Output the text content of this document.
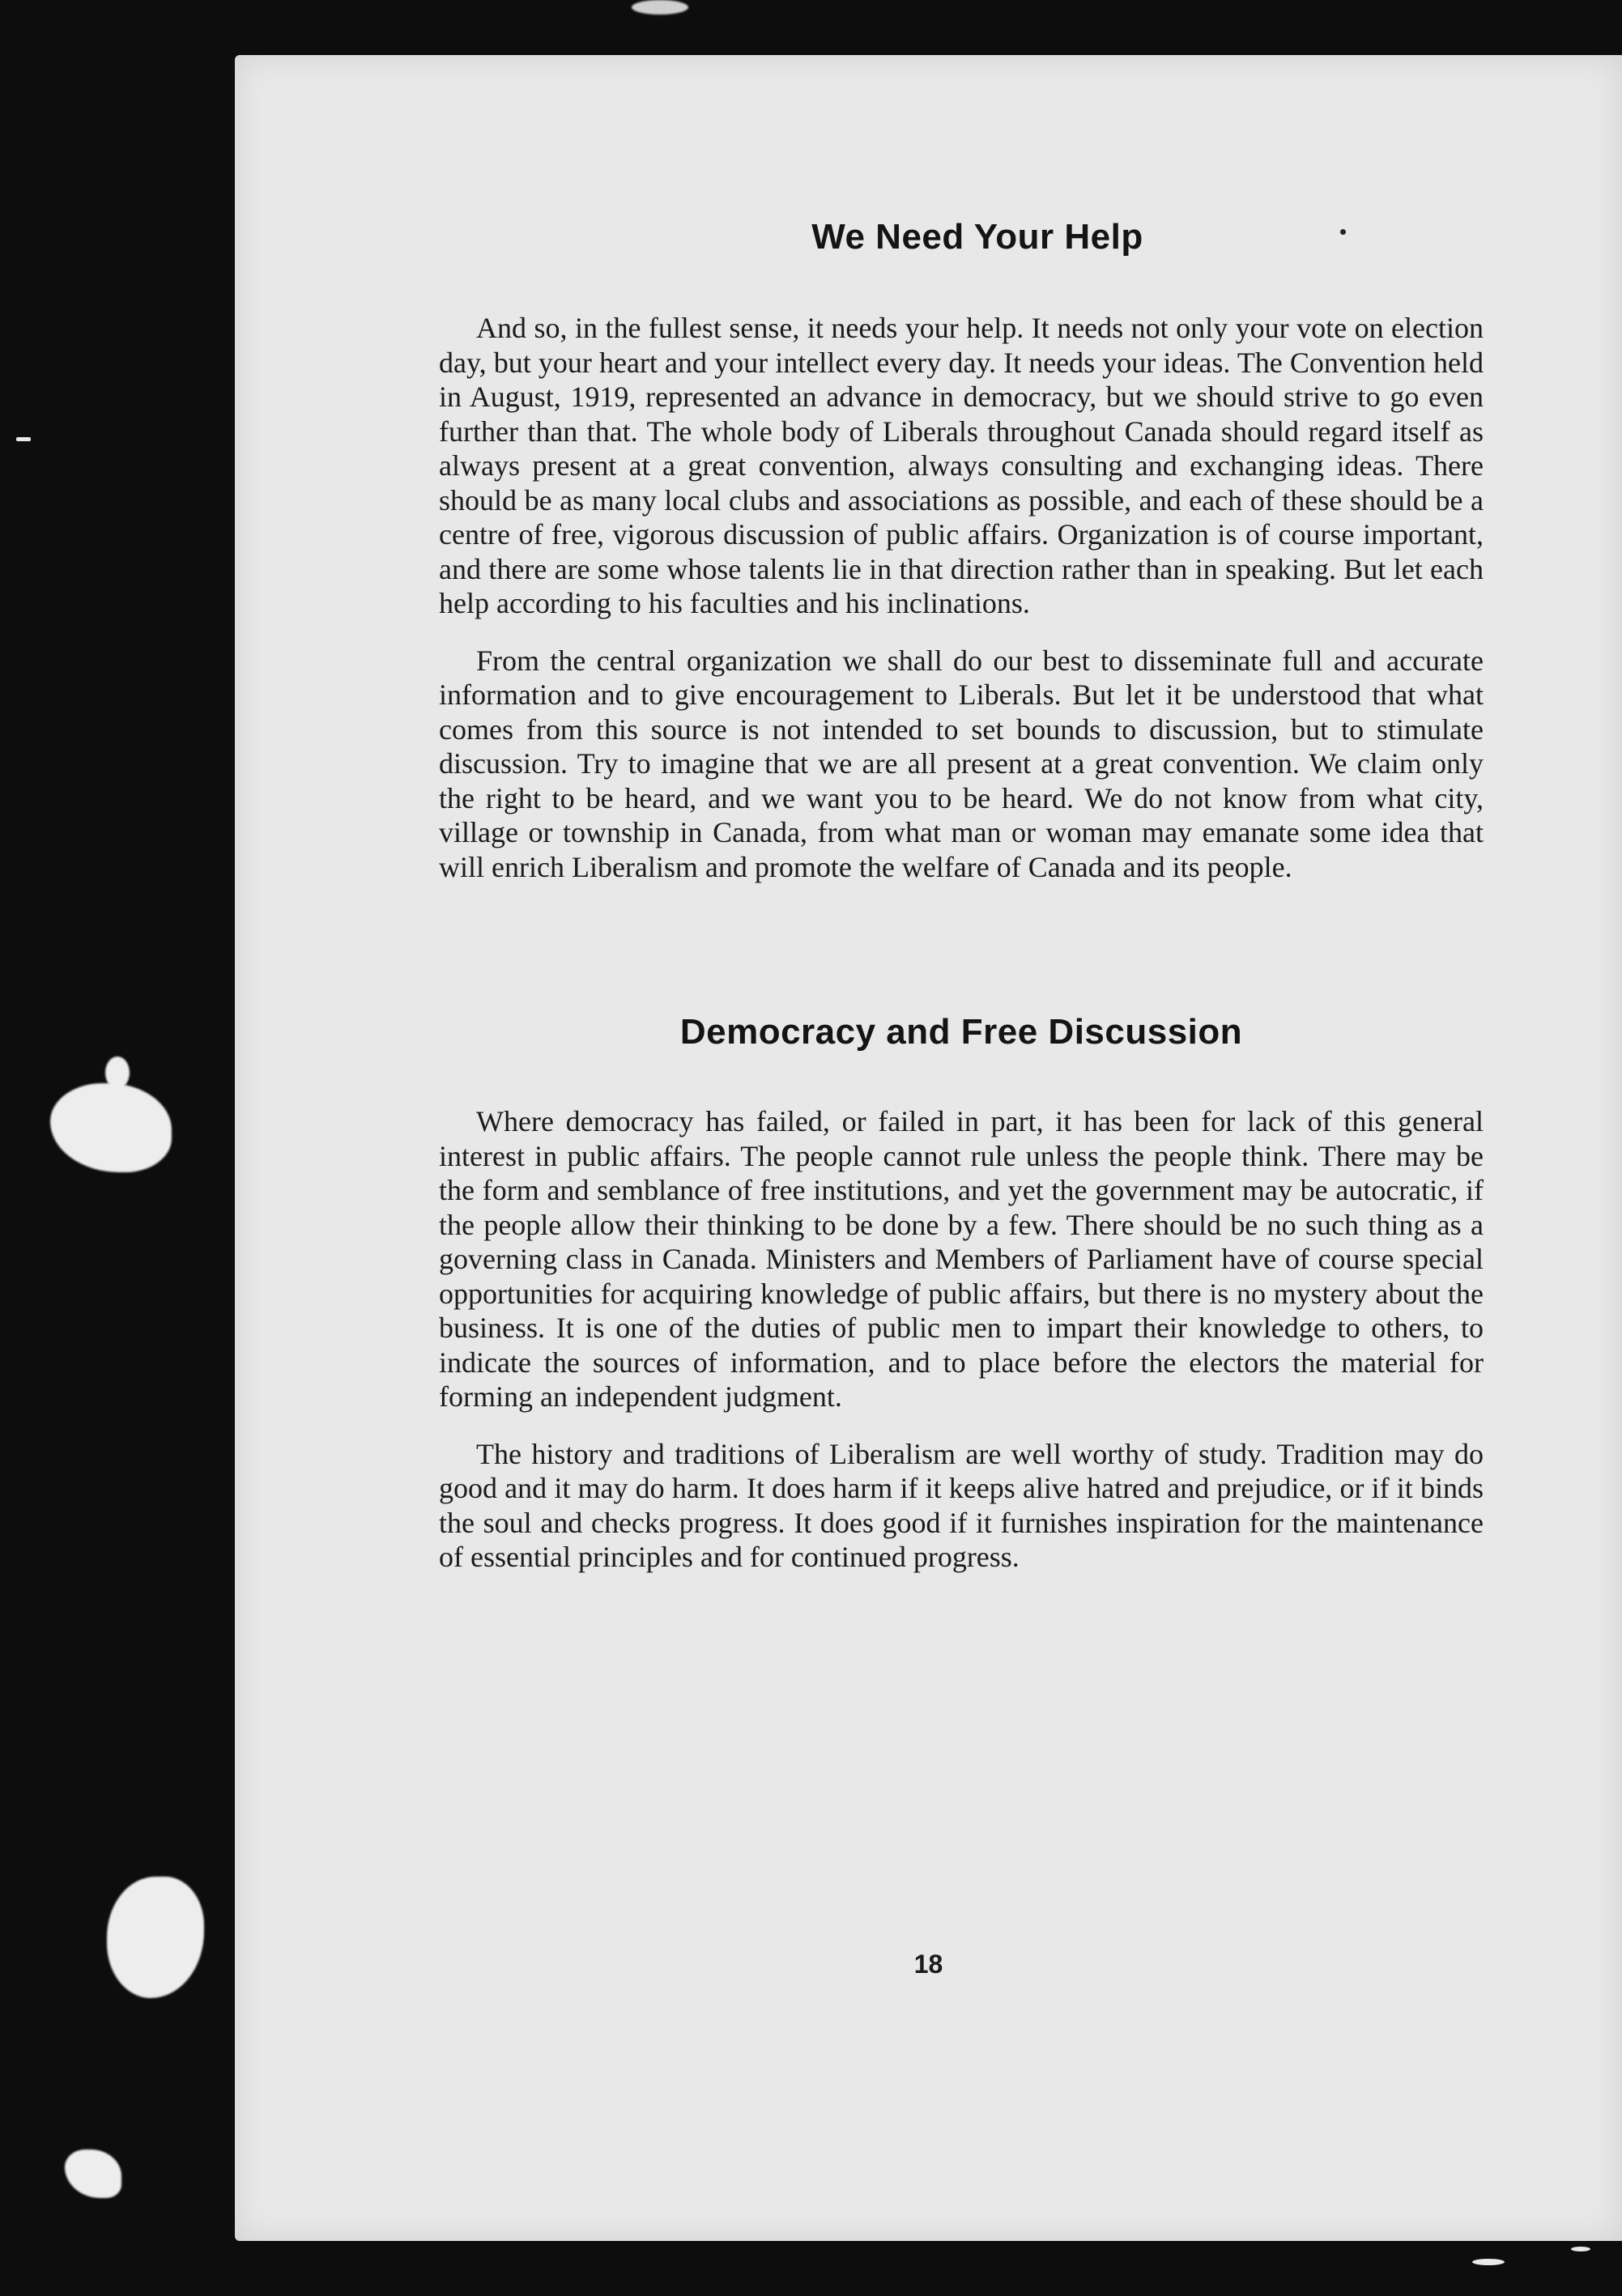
We Need Your Help

And so, in the fullest sense, it needs your help. It needs not only your vote on election day, but your heart and your intellect every day. It needs your ideas. The Convention held in August, 1919, represented an advance in democracy, but we should strive to go even further than that. The whole body of Liberals throughout Canada should regard itself as always present at a great convention, always consulting and exchanging ideas. There should be as many local clubs and associations as possible, and each of these should be a centre of free, vigorous discussion of public affairs. Organization is of course important, and there are some whose talents lie in that direction rather than in speaking. But let each help according to his faculties and his inclinations.

From the central organization we shall do our best to disseminate full and accurate information and to give encouragement to Liberals. But let it be understood that what comes from this source is not intended to set bounds to discussion, but to stimulate discussion. Try to imagine that we are all present at a great convention. We claim only the right to be heard, and we want you to be heard. We do not know from what city, village or township in Canada, from what man or woman may emanate some idea that will enrich Liberalism and promote the welfare of Canada and its people.

Democracy and Free Discussion

Where democracy has failed, or failed in part, it has been for lack of this general interest in public affairs. The people cannot rule unless the people think. There may be the form and semblance of free institutions, and yet the government may be autocratic, if the people allow their thinking to be done by a few. There should be no such thing as a governing class in Canada. Ministers and Members of Parliament have of course special opportunities for acquiring knowledge of public affairs, but there is no mystery about the business. It is one of the duties of public men to impart their knowledge to others, to indicate the sources of information, and to place before the electors the material for forming an independent judgment.

The history and traditions of Liberalism are well worthy of study. Tradition may do good and it may do harm. It does harm if it keeps alive hatred and prejudice, or if it binds the soul and checks progress. It does good if it furnishes inspiration for the maintenance of essential principles and for continued progress.

18
